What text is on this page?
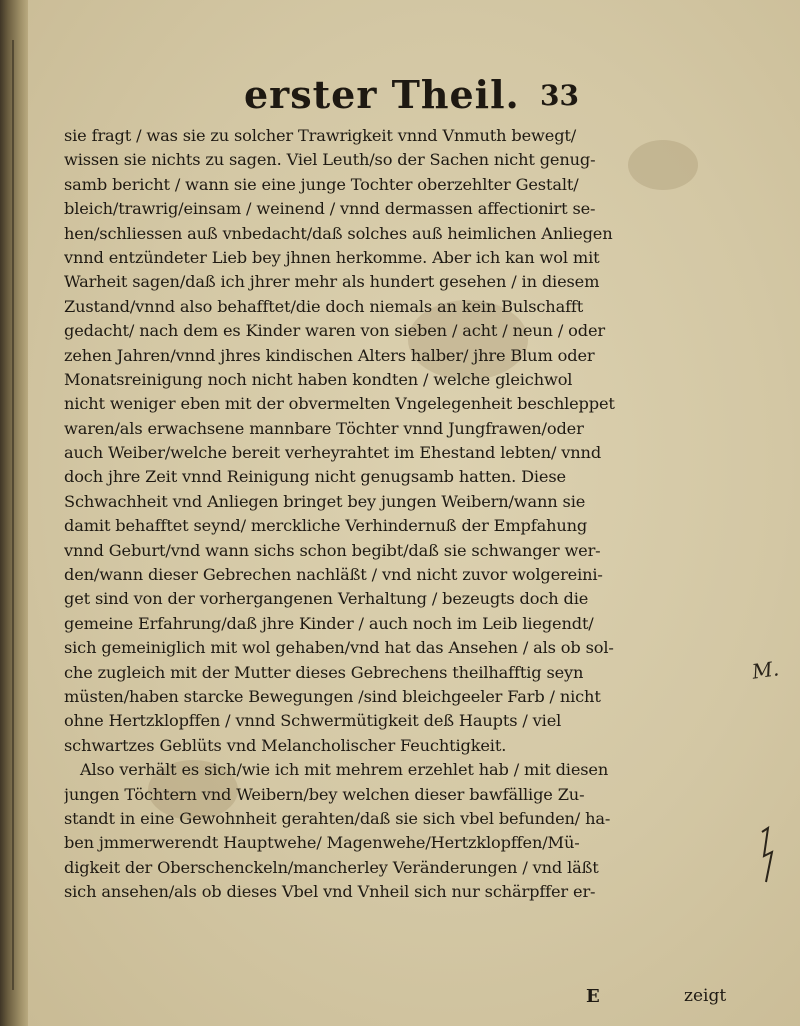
erster Theil. 33
sie fragt / was sie zu solcher Trawrigkeit vnnd Vnmuth bewegt/
wissen sie nichts zu sagen. Viel Leuth/so der Sachen nicht genug-
samb bericht / wann sie eine junge Tochter oberzehlter Gestalt/
bleich/trawrig/einsam / weinend / vnnd dermassen affectionirt se-
hen/schliessen auß vnbedacht/daß solches auß heimlichen Anliegen
vnnd entzündeter Lieb bey jhnen herkomme. Aber ich kan wol mit
Warheit sagen/daß ich jhrer mehr als hundert gesehen / in diesem
Zustand/vnnd also behafftet/die doch niemals an kein Bulschafft
gedacht/ nach dem es Kinder waren von sieben / acht / neun / oder
zehen Jahren/vnnd jhres kindischen Alters halber/ jhre Blum oder
Monatsreinigung noch nicht haben kondten / welche gleichwol
nicht weniger eben mit der obvermelten Vngelegenheit beschleppet
waren/als erwachsene mannbare Töchter vnnd Jungfrawen/oder
auch Weiber/welche bereit verheyrahtet im Ehestand lebten/ vnnd
doch jhre Zeit vnnd Reinigung nicht genugsamb hatten. Diese
Schwachheit vnd Anliegen bringet bey jungen Weibern/wann sie
damit behafftet seynd/ merckliche Verhindernuß der Empfahung
vnnd Geburt/vnd wann sichs schon begibt/daß sie schwanger wer-
den/wann dieser Gebrechen nachläßt / vnd nicht zuvor wolgereini-
get sind von der vorhergangenen Verhaltung / bezeugts doch die
gemeine Erfahrung/daß jhre Kinder / auch noch im Leib liegendt/
sich gemeiniglich mit wol gehaben/vnd hat das Ansehen / als ob sol-
che zugleich mit der Mutter dieses Gebrechens theilhafftig seyn
müsten/haben starcke Bewegungen /sind bleichgeeler Farb / nicht
ohne Hertzklopffen / vnnd Schwermütigkeit deß Haupts / viel
schwartzes Geblüts vnd Melancholischer Feuchtigkeit.
Also verhält es sich/wie ich mit mehrem erzehlet hab / mit diesen
jungen Töchtern vnd Weibern/bey welchen dieser bawfällige Zu-
standt in eine Gewohnheit gerahten/daß sie sich vbel befunden/ ha-
ben jmmerwerendt Hauptwehe/ Magenwehe/Hertzklopffen/Mü-
digkeit der Oberschenckeln/mancherley Veränderungen / vnd läßt
sich ansehen/als ob dieses Vbel vnd Vnheil sich nur schärpffer er-
M.
E	zeigt
